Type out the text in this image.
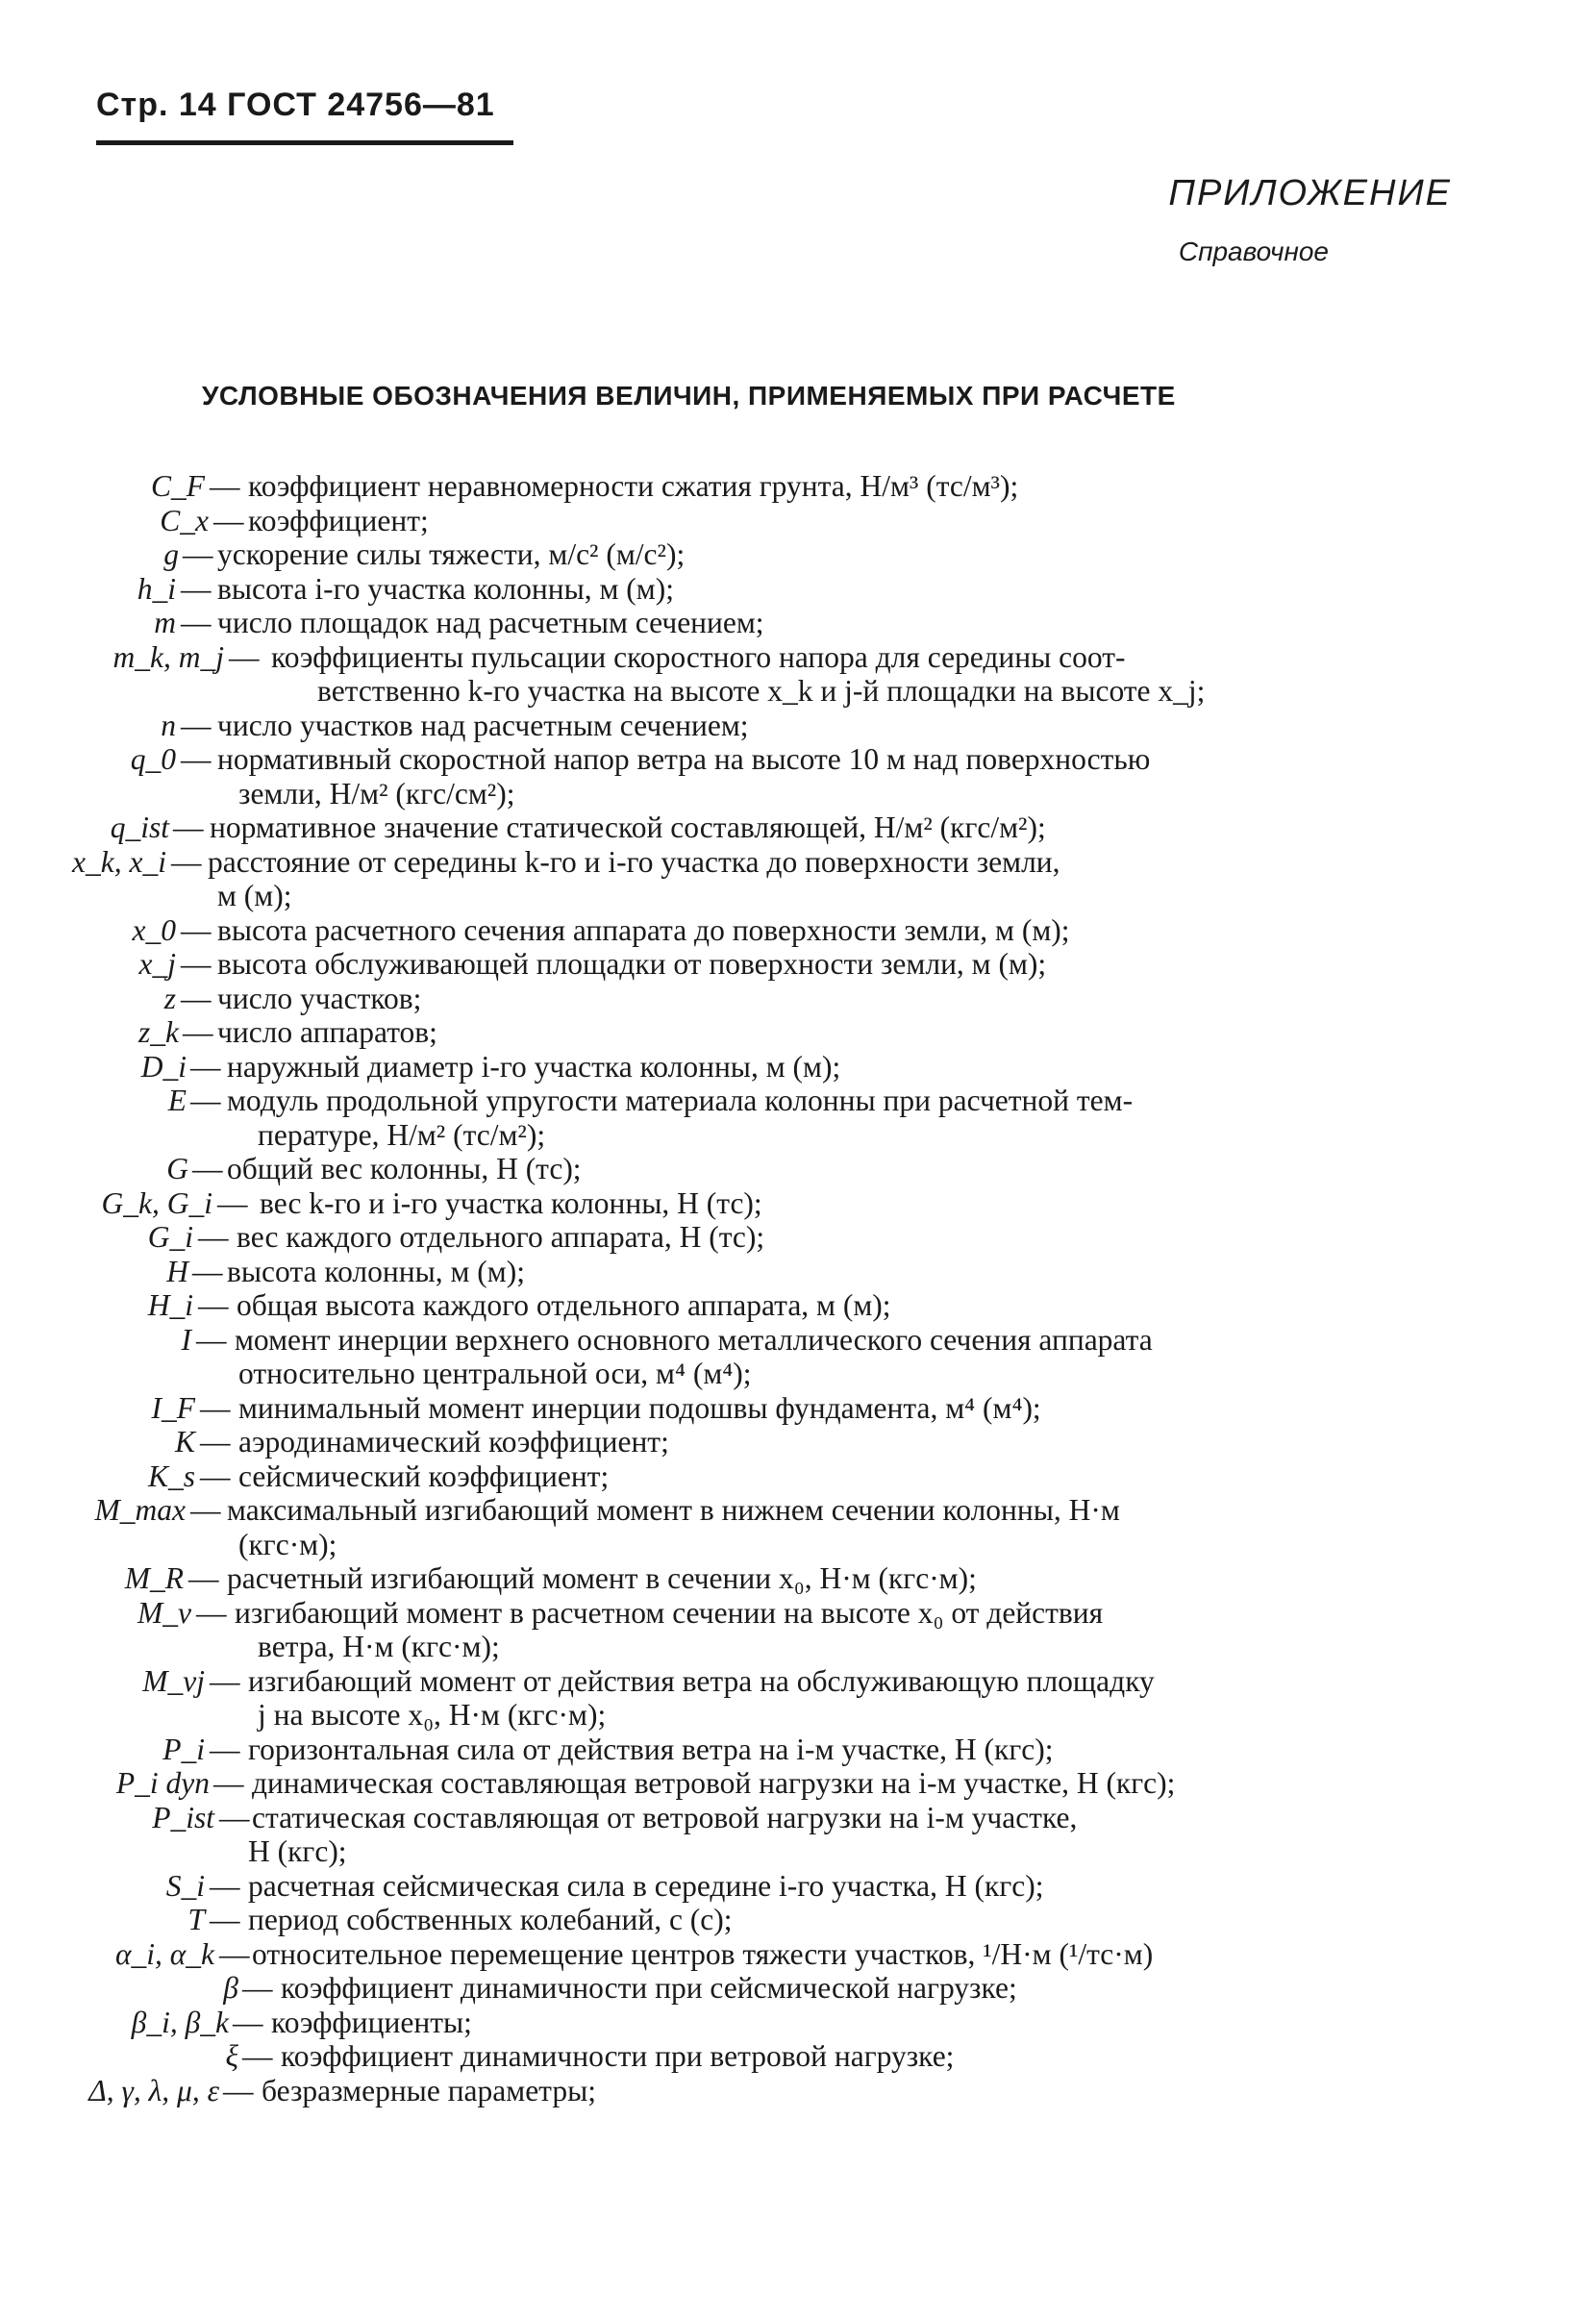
Стр. 14 ГОСТ 24756—81
ПРИЛОЖЕНИЕ
Справочное
УСЛОВНЫЕ ОБОЗНАЧЕНИЯ ВЕЛИЧИН, ПРИМЕНЯЕМЫХ ПРИ РАСЧЕТЕ
C_F — коэффициент неравномерности сжатия грунта, Н/м³ (тс/м³);
C_x — коэффициент;
g — ускорение силы тяжести, м/с² (м/с²);
h_i — высота i-го участка колонны, м (м);
m — число площадок над расчетным сечением;
m_k, m_j — коэффициенты пульсации скоростного напора для середины соот-
ветственно k-го участка на высоте x_k и j-й площадки на высоте x_j;
n — число участков над расчетным сечением;
q_0 — нормативный скоростной напор ветра на высоте 10 м над поверхностью
земли, Н/м² (кгс/см²);
q_ist — нормативное значение статической составляющей, Н/м² (кгс/м²);
x_k, x_i — расстояние от середины k-го и i-го участка до поверхности земли,
м (м);
x_0 — высота расчетного сечения аппарата до поверхности земли, м (м);
x_j — высота обслуживающей площадки от поверхности земли, м (м);
z — число участков;
z_k — число аппаратов;
D_i — наружный диаметр i-го участка колонны, м (м);
E — модуль продольной упругости материала колонны при расчетной тем-
пературе, Н/м² (тс/м²);
G — общий вес колонны, Н (тс);
G_k, G_i — вес k-го и i-го участка колонны, Н (тс);
G_i — вес каждого отдельного аппарата, Н (тс);
H — высота колонны, м (м);
H_i — общая высота каждого отдельного аппарата, м (м);
I — момент инерции верхнего основного металлического сечения аппарата
относительно центральной оси, м⁴ (м⁴);
I_F — минимальный момент инерции подошвы фундамента, м⁴ (м⁴);
K — аэродинамический коэффициент;
K_s — сейсмический коэффициент;
M_max — максимальный изгибающий момент в нижнем сечении колонны, Н·м
(кгс·м);
M_R — расчетный изгибающий момент в сечении x₀, Н·м (кгс·м);
M_v — изгибающий момент в расчетном сечении на высоте x₀ от действия
ветра, Н·м (кгс·м);
M_vj — изгибающий момент от действия ветра на обслуживающую площадку
j на высоте x₀, Н·м (кгс·м);
P_i — горизонтальная сила от действия ветра на i-м участке, Н (кгс);
P_i dyn — динамическая составляющая ветровой нагрузки на i-м участке, Н (кгс);
P_ist — статическая составляющая от ветровой нагрузки на i-м участке,
Н (кгс);
S_i — расчетная сейсмическая сила в середине i-го участка, Н (кгс);
T — период собственных колебаний, с (с);
α_i, α_k — относительное перемещение центров тяжести участков, ¹/Н·м (¹/тс·м)
β — коэффициент динамичности при сейсмической нагрузке;
β_i, β_k — коэффициенты;
ξ — коэффициент динамичности при ветровой нагрузке;
Δ, γ, λ, μ, ε — безразмерные параметры;
